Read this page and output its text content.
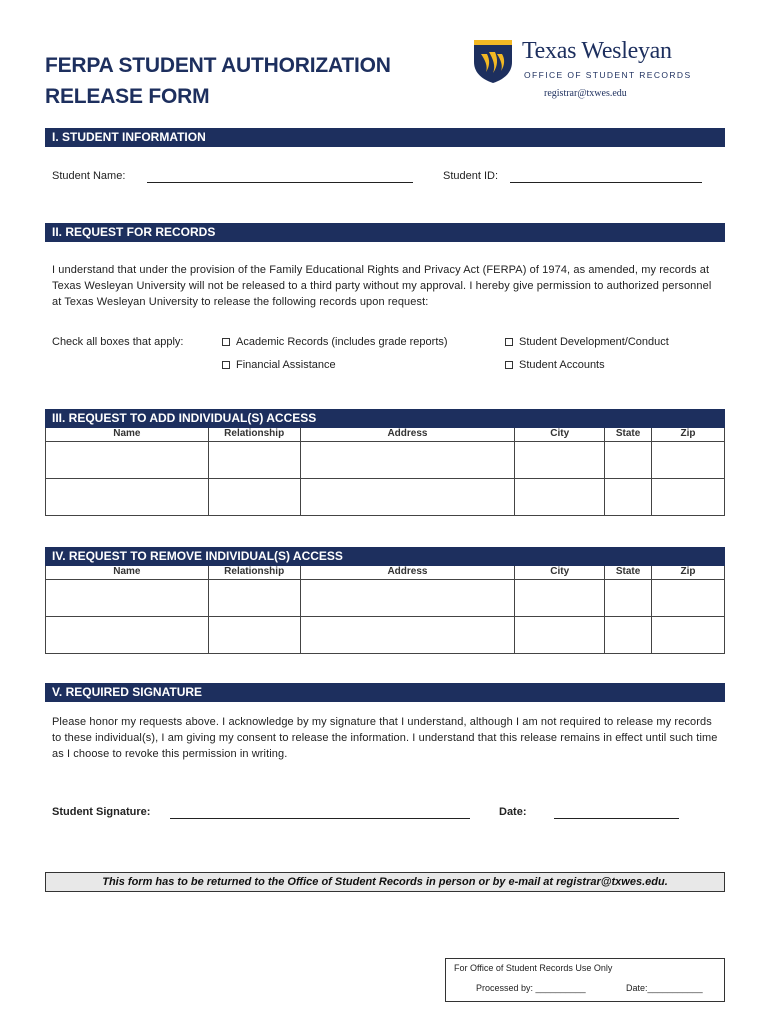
FERPA STUDENT AUTHORIZATION
RELEASE FORM
Texas Wesleyan
OFFICE OF STUDENT RECORDS
registrar@txwes.edu
I. STUDENT INFORMATION
Student Name:	Student ID:
II. REQUEST FOR RECORDS
I understand that under the provision of the Family Educational Rights and Privacy Act (FERPA) of 1974, as amended, my records at Texas Wesleyan University will not be released to a third party without my approval. I hereby give permission to authorized personnel at Texas Wesleyan University to release the following records upon request:
Check all boxes that apply:	Academic Records (includes grade reports)	Student Development/Conduct
Financial Assistance	Student Accounts
III. REQUEST TO ADD INDIVIDUAL(S) ACCESS
Name	Relationship	Address	City	State	Zip

IV. REQUEST TO REMOVE INDIVIDUAL(S) ACCESS
Name	Relationship	Address	City	State	Zip

V. REQUIRED SIGNATURE
Please honor my requests above. I acknowledge by my signature that I understand, although I am not required to release my records to these individual(s), I am giving my consent to release the information. I understand that this release remains in effect until such time as I choose to revoke this permission in writing.
Student Signature:	Date:
This form has to be returned to the Office of Student Records in person or by e-mail at registrar@txwes.edu.
For Office of Student Records Use Only
Processed by: __________	Date:___________
